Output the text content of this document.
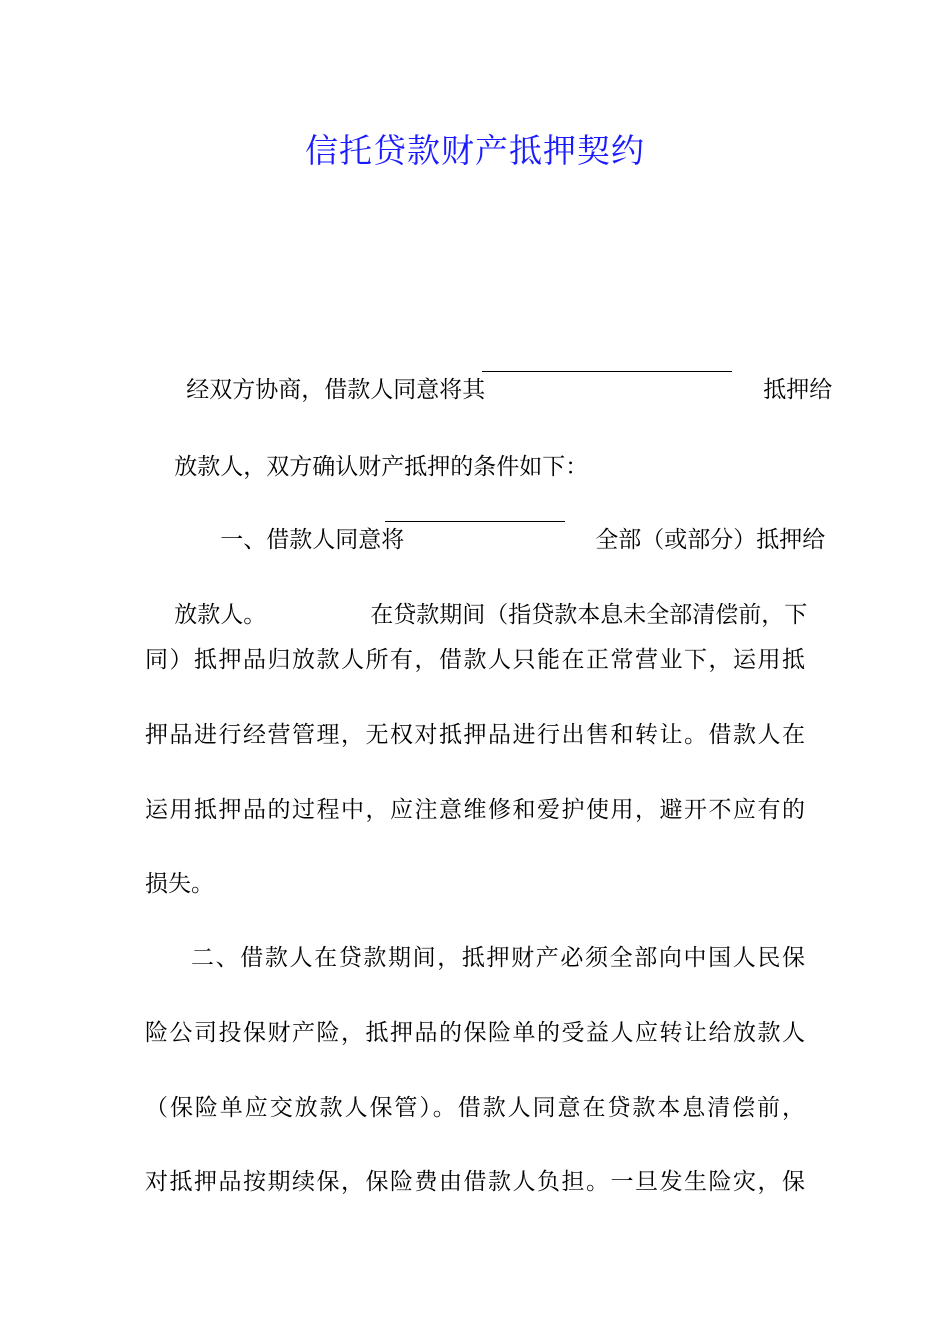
信托贷款财产抵押契约

经双方协商，借款人同意将其
	抵押给

放款人，双方确认财产抵押的条件如下：

一、借款人同意将
	全部（或部分）抵押给

放款人。
	在贷款期间（指贷款本息未全部清偿前，下

同）抵押品归放款人所有，借款人只能在正常营业下，运用抵
押品进行经营管理，无权对抵押品进行出售和转让。借款人在
运用抵押品的过程中，应注意维修和爱护使用，避开不应有的
损失。
二、借款人在贷款期间，抵押财产必须全部向中国人民保
险公司投保财产险，抵押品的保险单的受益人应转让给放款人
（保险单应交放款人保管）。借款人同意在贷款本息清偿前，
对抵押品按期续保，保险费由借款人负担。一旦发生险灾，保
